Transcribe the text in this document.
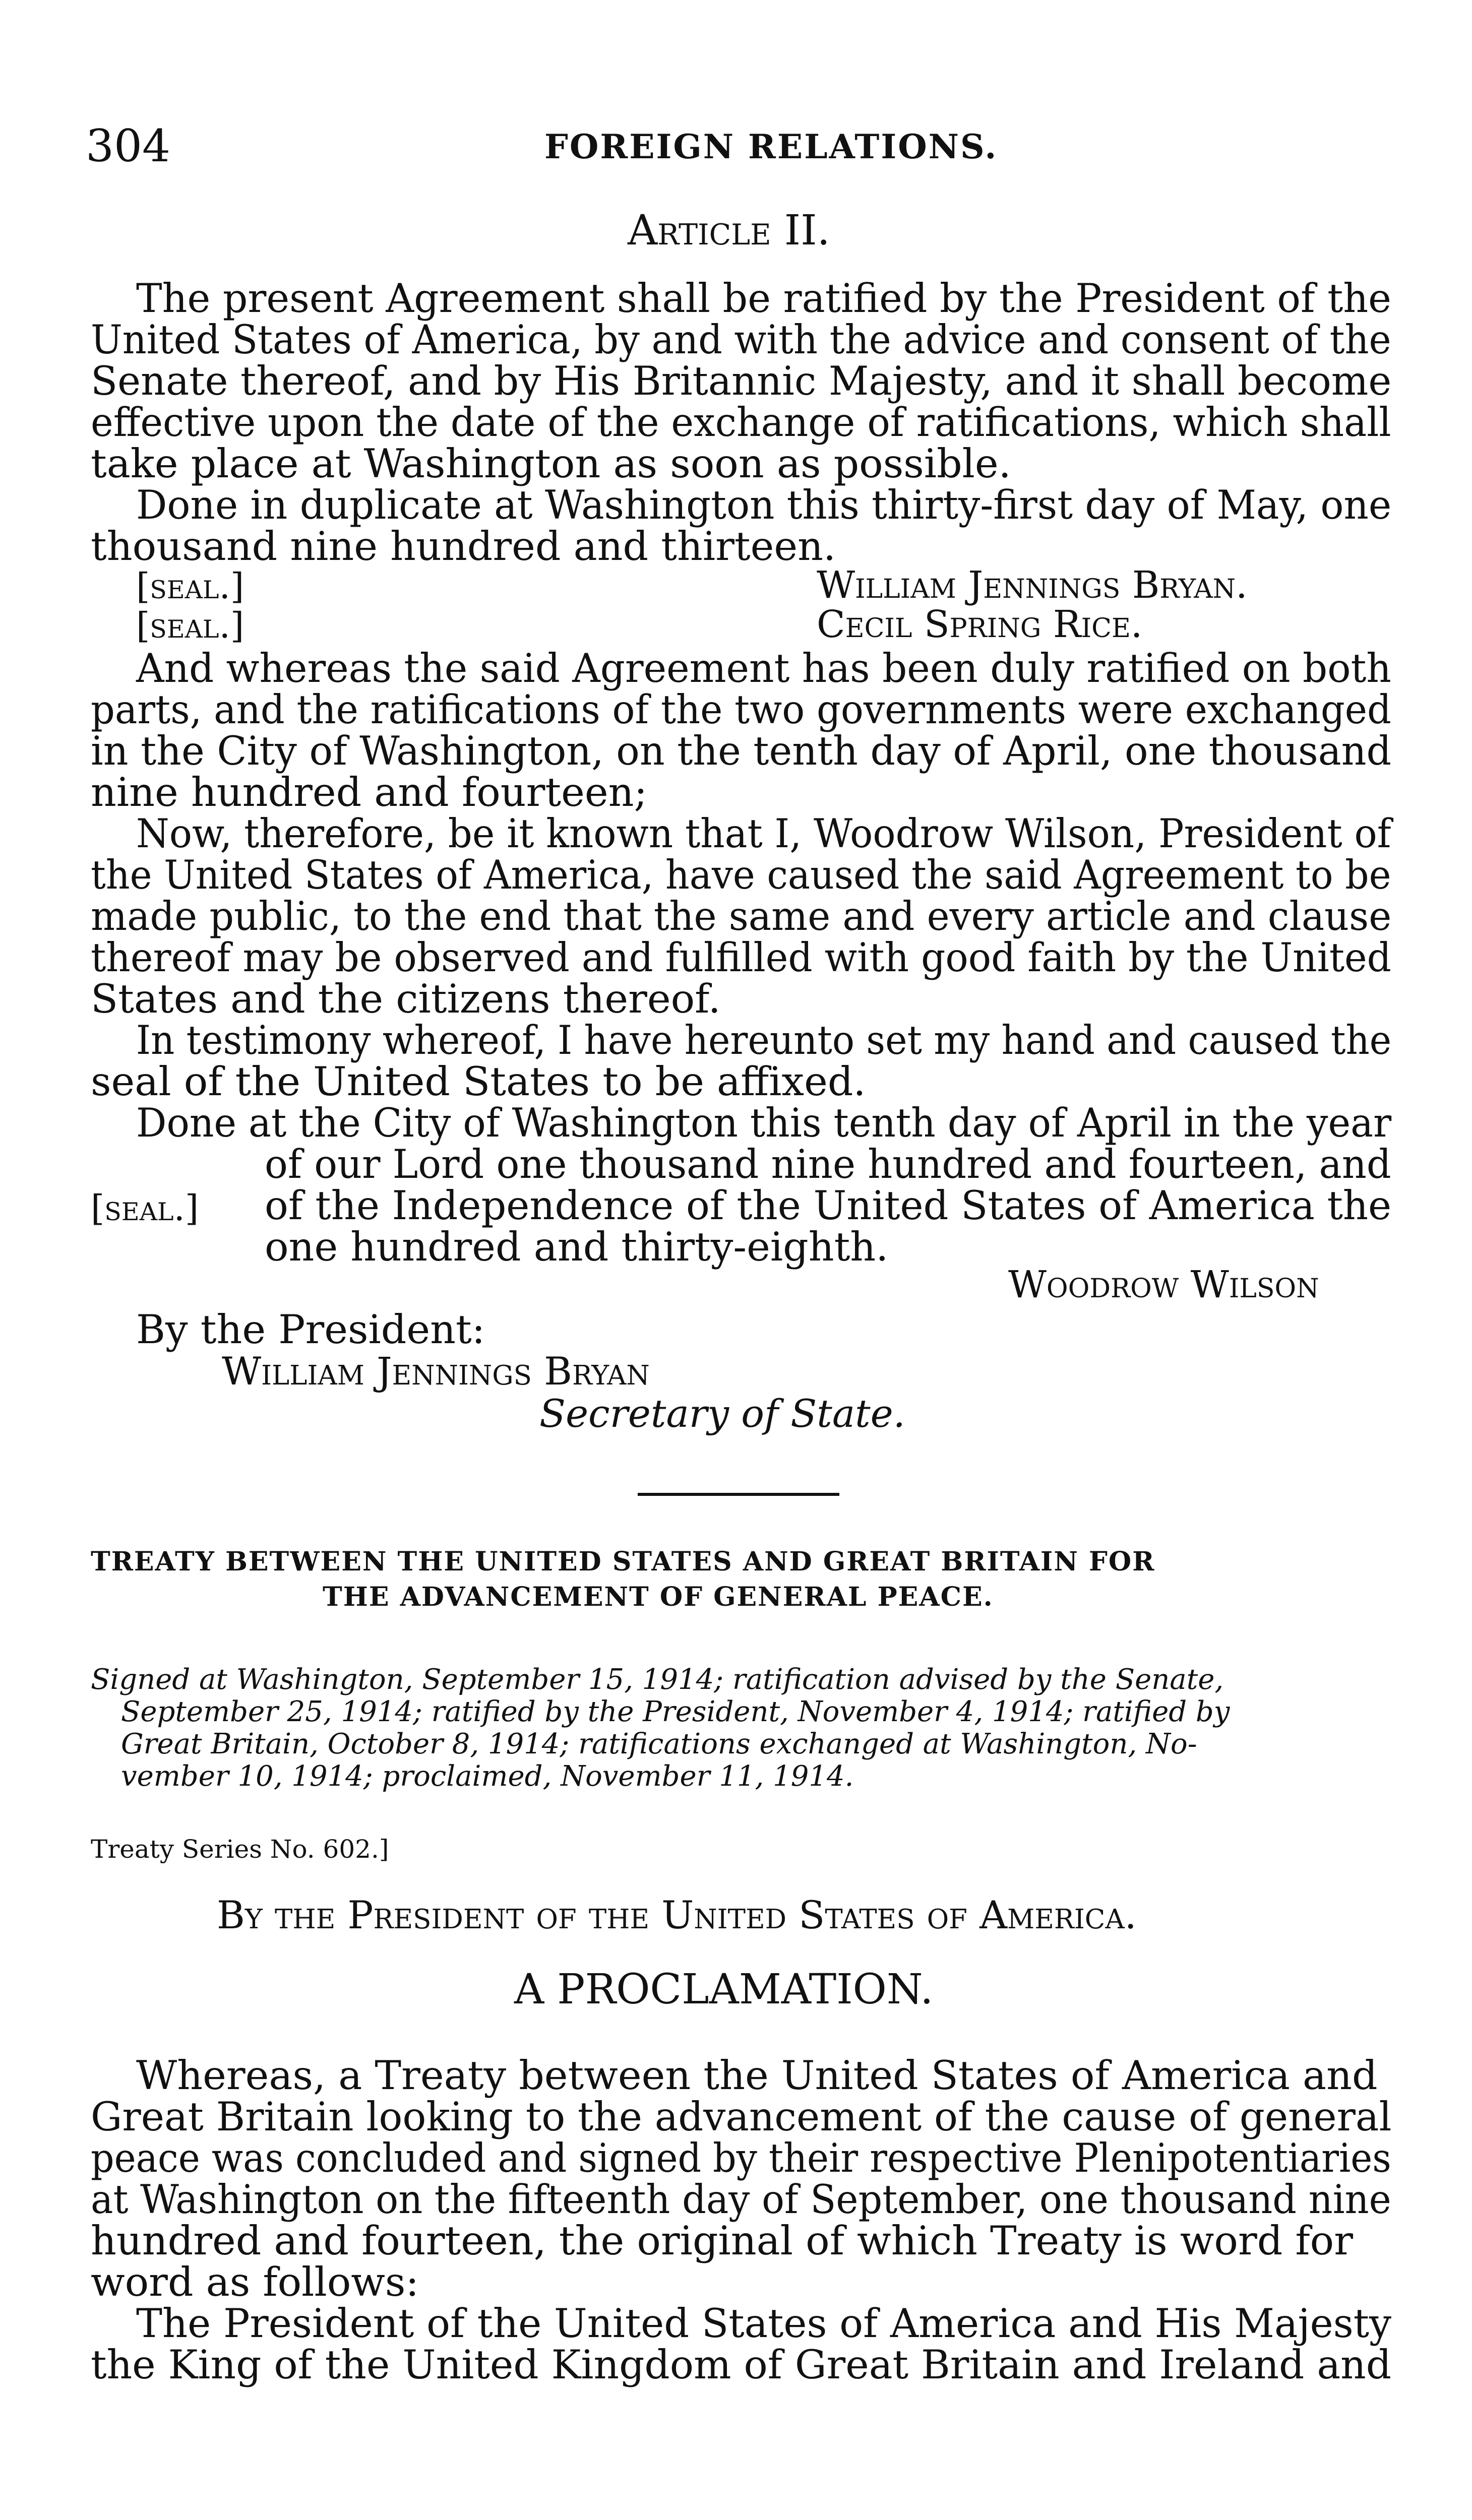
304	FOREIGN RELATIONS.
Article II.
The present Agreement shall be ratified by the President of the
United States of America, by and with the advice and consent of the
Senate thereof, and by His Britannic Majesty, and it shall become
effective upon the date of the exchange of ratifications, which shall
take place at Washington as soon as possible.
Done in duplicate at Washington this thirty-first day of May, one
thousand nine hundred and thirteen.
[seal.]	William Jennings Bryan.
[seal.]	Cecil Spring Rice.
And whereas the said Agreement has been duly ratified on both
parts, and the ratifications of the two governments were exchanged
in the City of Washington, on the tenth day of April, one thousand
nine hundred and fourteen;
Now, therefore, be it known that I, Woodrow Wilson, President of
the United States of America, have caused the said Agreement to be
made public, to the end that the same and every article and clause
thereof may be observed and fulfilled with good faith by the United
States and the citizens thereof.
In testimony whereof, I have hereunto set my hand and caused the
seal of the United States to be affixed.
Done at the City of Washington this tenth day of April in the year
of our Lord one thousand nine hundred and fourteen, and
[seal.] of the Independence of the United States of America the
one hundred and thirty-eighth.
Woodrow Wilson
By the President:
William Jennings Bryan
Secretary of State.
TREATY BETWEEN THE UNITED STATES AND GREAT BRITAIN FOR
THE ADVANCEMENT OF GENERAL PEACE.
Signed at Washington, September 15, 1914; ratification advised by the Senate,
September 25, 1914; ratified by the President, November 4, 1914; ratified by
Great Britain, October 8, 1914; ratifications exchanged at Washington, No-
vember 10, 1914; proclaimed, November 11, 1914.
Treaty Series No. 602.]
By the President of the United States of America.
A PROCLAMATION.
Whereas, a Treaty between the United States of America and
Great Britain looking to the advancement of the cause of general
peace was concluded and signed by their respective Plenipotentiaries
at Washington on the fifteenth day of September, one thousand nine
hundred and fourteen, the original of which Treaty is word for
word as follows:
The President of the United States of America and His Majesty
the King of the United Kingdom of Great Britain and Ireland and
